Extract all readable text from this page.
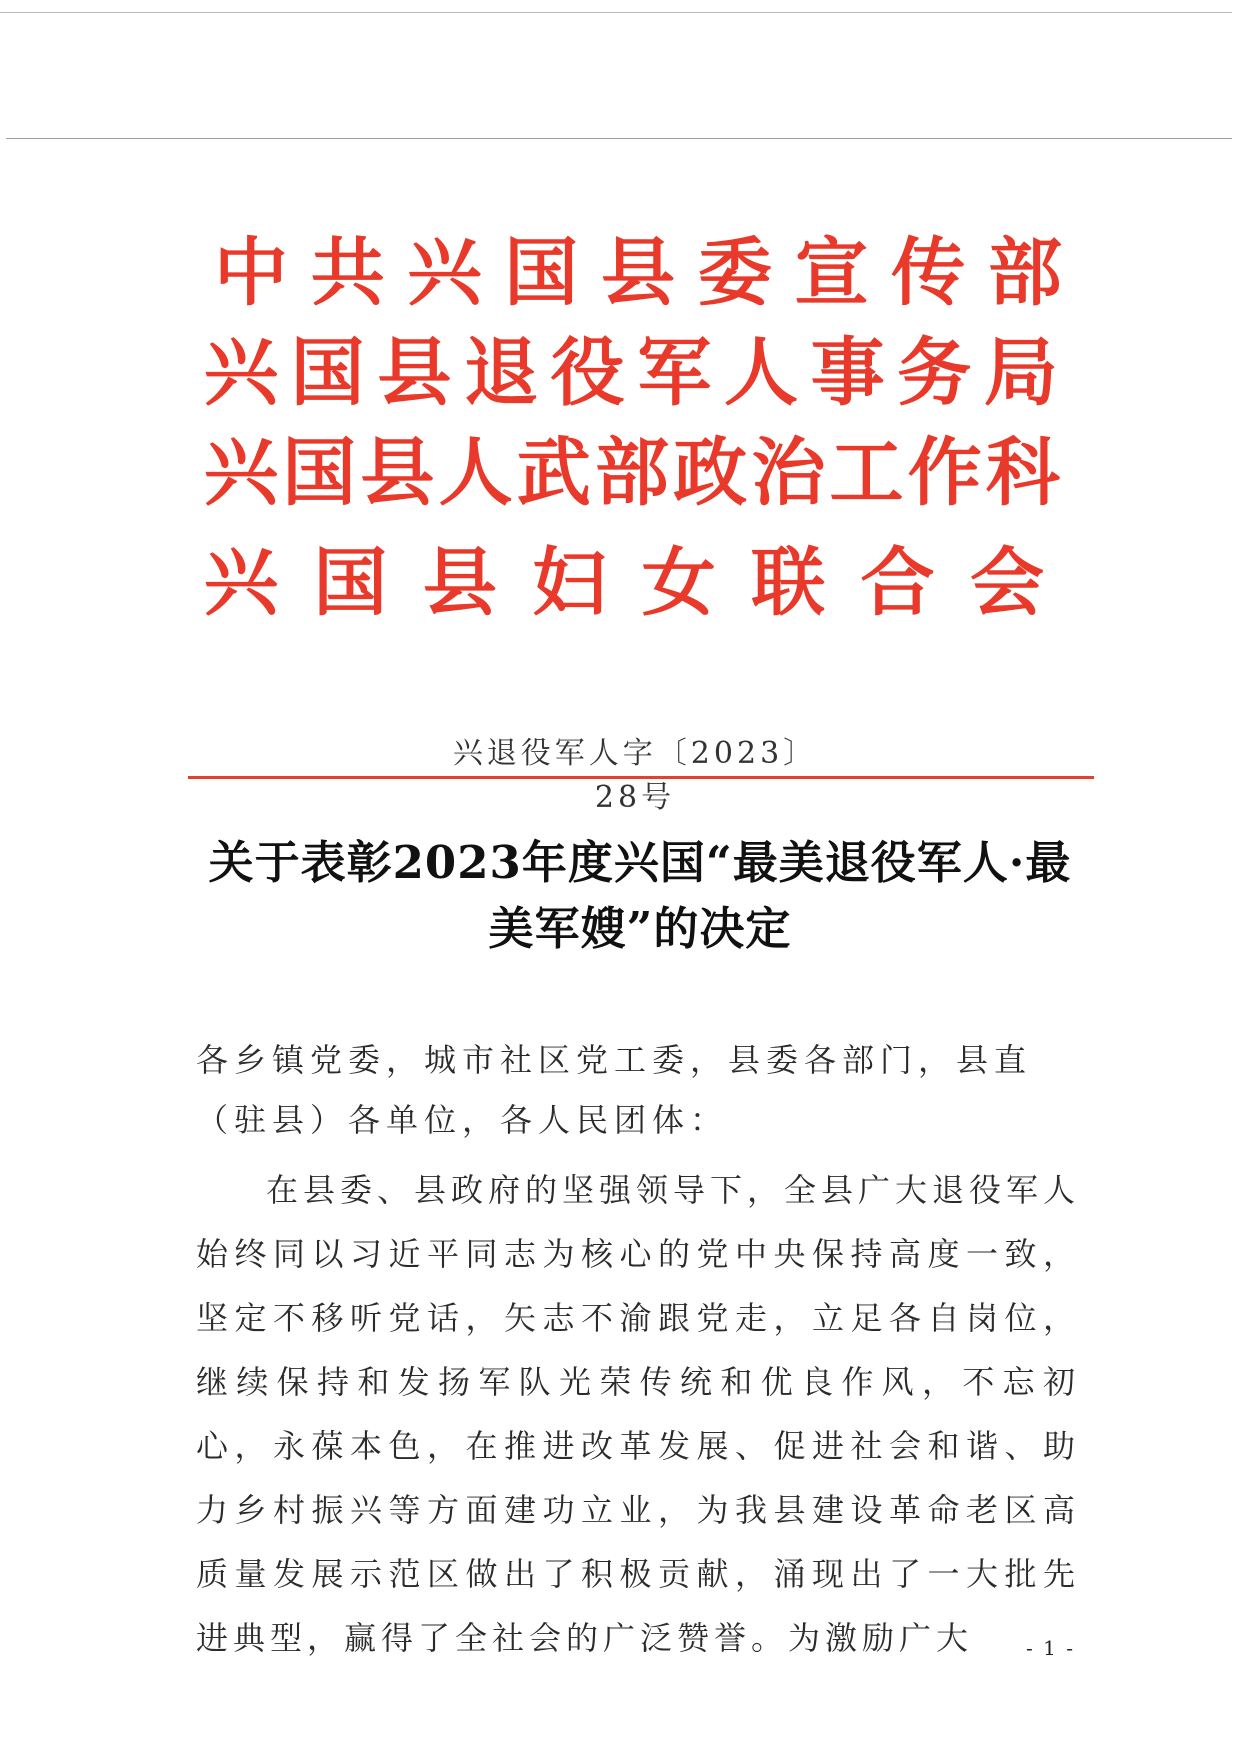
中 共 兴 国 县 委 宣 传 部
兴 国 县 退 役 军 人 事 务 局
兴 国 县 人 武 部 政 治 工 作 科
兴 国 县 妇 女 联 合 会
兴退役军人字〔2023〕28号
关于表彰2023年度兴国“最美退役军人·最美军嫂”的决定
各乡镇党委，城市社区党工委，县委各部门，县直（驻县）各单位，各人民团体：
在县委、县政府的坚强领导下，全县广大退役军人始终同以习近平同志为核心的党中央保持高度一致，坚定不移听党话，矢志不渝跟党走，立足各自岗位，继续保持和发扬军队光荣传统和优良作风，不忘初心，永葆本色，在推进改革发展、促进社会和谐、助力乡村振兴等方面建功立业，为我县建设革命老区高质量发展示范区做出了积极贡献，涌现出了一大批先进典型，赢得了全社会的广泛赞誉。为激励广大	- 1 -
